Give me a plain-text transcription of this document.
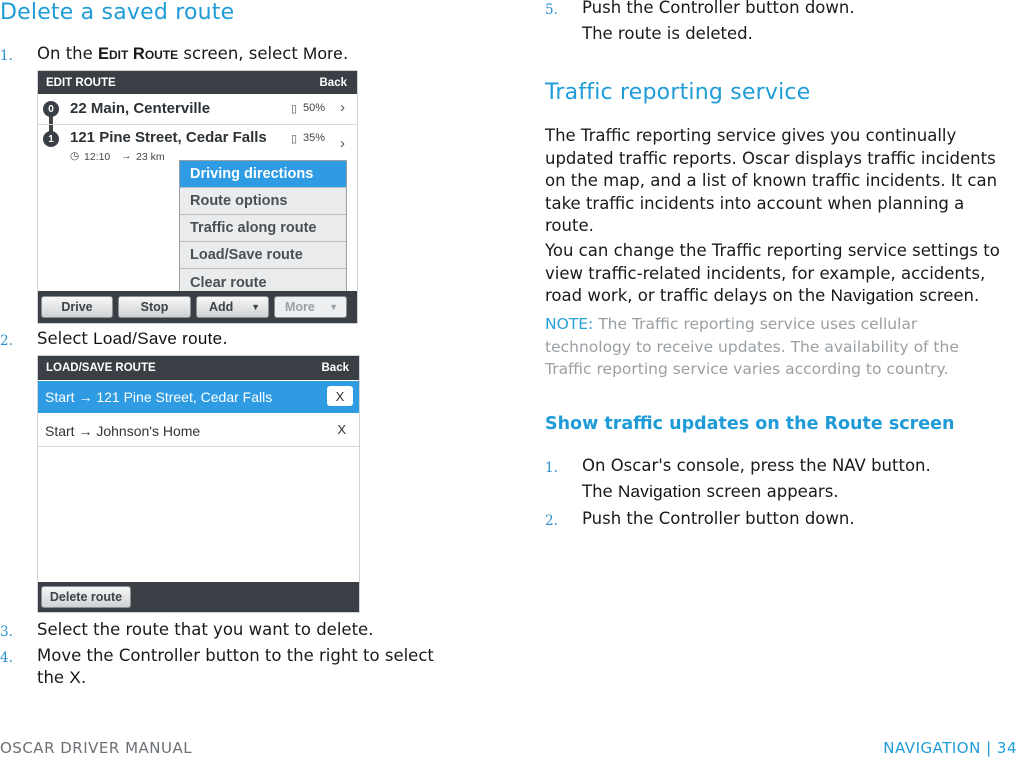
Delete a saved route
1. On the Edit Route screen, select More.
EDIT ROUTE	Back
0	22 Main, Centerville	▯ 50% ›
1	121 Pine Street, Cedar Falls ▯ 35% ›
◷ 12:10 → 23 km
Driving directions
Route options
Traffic along route
Load/Save route
Clear route
Drive	Stop	Add ▼ More ▼
2. Select Load/Save route.
LOAD/SAVE ROUTE	Back
Start → 121 Pine Street, Cedar Falls	X
Start → Johnson's Home	X
Delete route
3. Select the route that you want to delete.
4. Move the Controller button to the right to select
the X.
5. Push the Controller button down.
The route is deleted.
Traffic reporting service
The Traffic reporting service gives you continually
updated traffic reports. Oscar displays traffic incidents
on the map, and a list of known traffic incidents. It can
take traffic incidents into account when planning a
route.
You can change the Traffic reporting service settings to
view traffic-related incidents, for example, accidents,
road work, or traffic delays on the Navigation screen.
NOTE: The Traffic reporting service uses cellular
technology to receive updates. The availability of the
Traffic reporting service varies according to country.
Show traffic updates on the Route screen
1. On Oscar's console, press the NAV button.
The Navigation screen appears.
2. Push the Controller button down.
OSCAR DRIVER MANUAL	NAVIGATION | 34
